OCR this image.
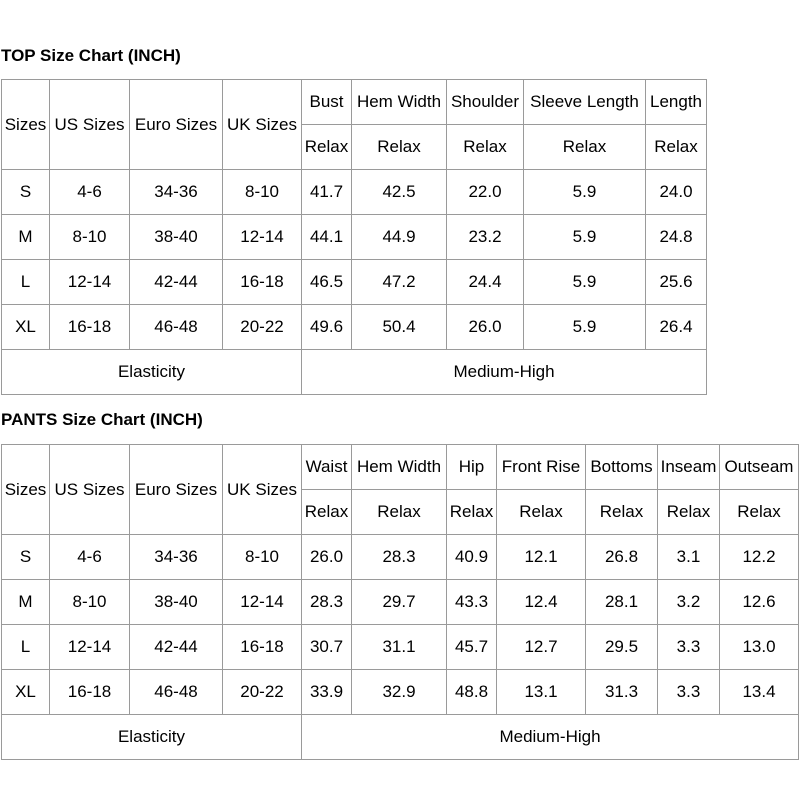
TOP Size Chart (INCH)
Sizes	US Sizes	Euro Sizes	UK Sizes	Bust	Hem Width	Shoulder	Sleeve Length	Length
				Relax	Relax	Relax	Relax	Relax
S	4-6	34-36	8-10	41.7	42.5	22.0	5.9	24.0
M	8-10	38-40	12-14	44.1	44.9	23.2	5.9	24.8
L	12-14	42-44	16-18	46.5	47.2	24.4	5.9	25.6
XL	16-18	46-48	20-22	49.6	50.4	26.0	5.9	26.4
Elasticity				Medium-High				
PANTS Size Chart (INCH)
Sizes	US Sizes	Euro Sizes	UK Sizes	Waist	Hem Width	Hip	Front Rise	Bottoms	Inseam	Outseam
				Relax	Relax	Relax	Relax	Relax	Relax	Relax
S	4-6	34-36	8-10	26.0	28.3	40.9	12.1	26.8	3.1	12.2
M	8-10	38-40	12-14	28.3	29.7	43.3	12.4	28.1	3.2	12.6
L	12-14	42-44	16-18	30.7	31.1	45.7	12.7	29.5	3.3	13.0
XL	16-18	46-48	20-22	33.9	32.9	48.8	13.1	31.3	3.3	13.4
Elasticity				Medium-High						
